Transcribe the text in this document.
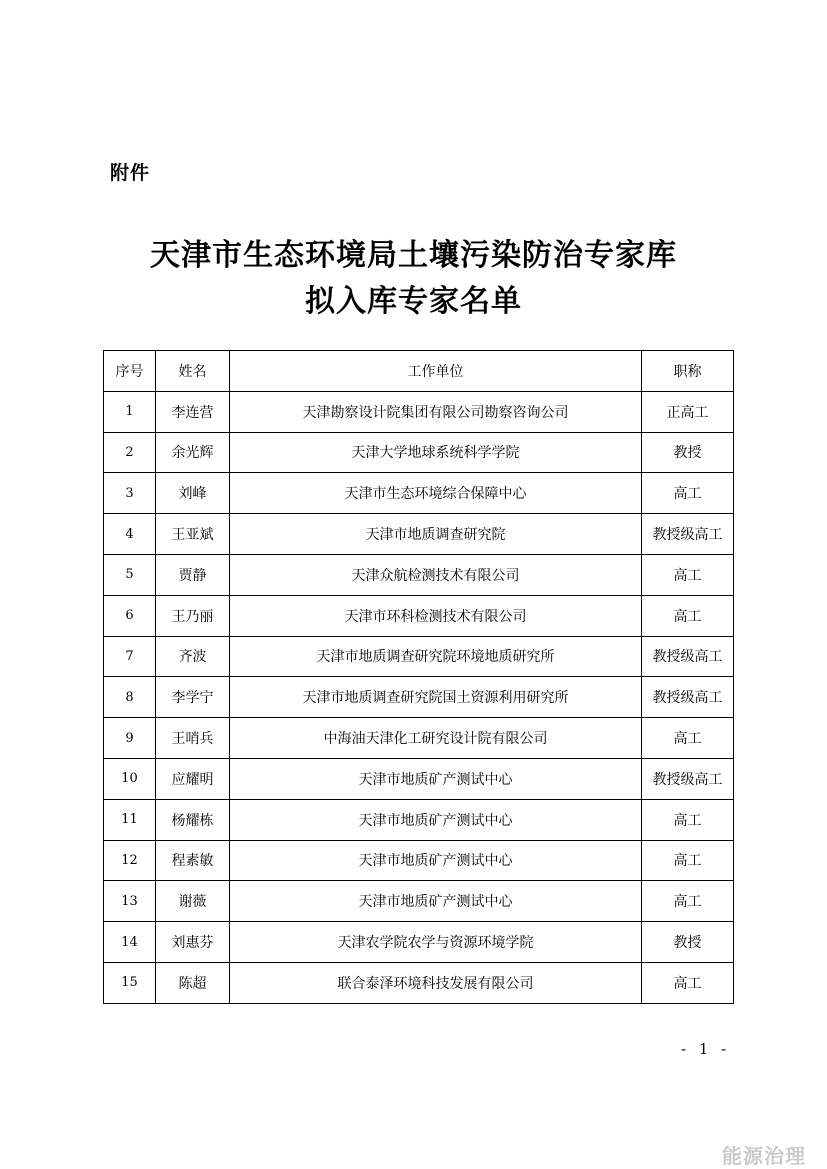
附件
天津市生态环境局土壤污染防治专家库
拟入库专家名单
序号	姓名	工作单位	职称
1	李连营	天津勘察设计院集团有限公司勘察咨询公司	正高工
2	余光辉	天津大学地球系统科学学院	教授
3	刘峰	天津市生态环境综合保障中心	高工
4	王亚斌	天津市地质调查研究院	教授级高工
5	贾静	天津众航检测技术有限公司	高工
6	王乃丽	天津市环科检测技术有限公司	高工
7	齐波	天津市地质调查研究院环境地质研究所	教授级高工
8	李学宁	天津市地质调查研究院国土资源利用研究所	教授级高工
9	王哨兵	中海油天津化工研究设计院有限公司	高工
10	应耀明	天津市地质矿产测试中心	教授级高工
11	杨耀栋	天津市地质矿产测试中心	高工
12	程素敏	天津市地质矿产测试中心	高工
13	谢薇	天津市地质矿产测试中心	高工
14	刘惠芬	天津农学院农学与资源环境学院	教授
15	陈超	联合泰泽环境科技发展有限公司	高工
- 1 -
能源治理
